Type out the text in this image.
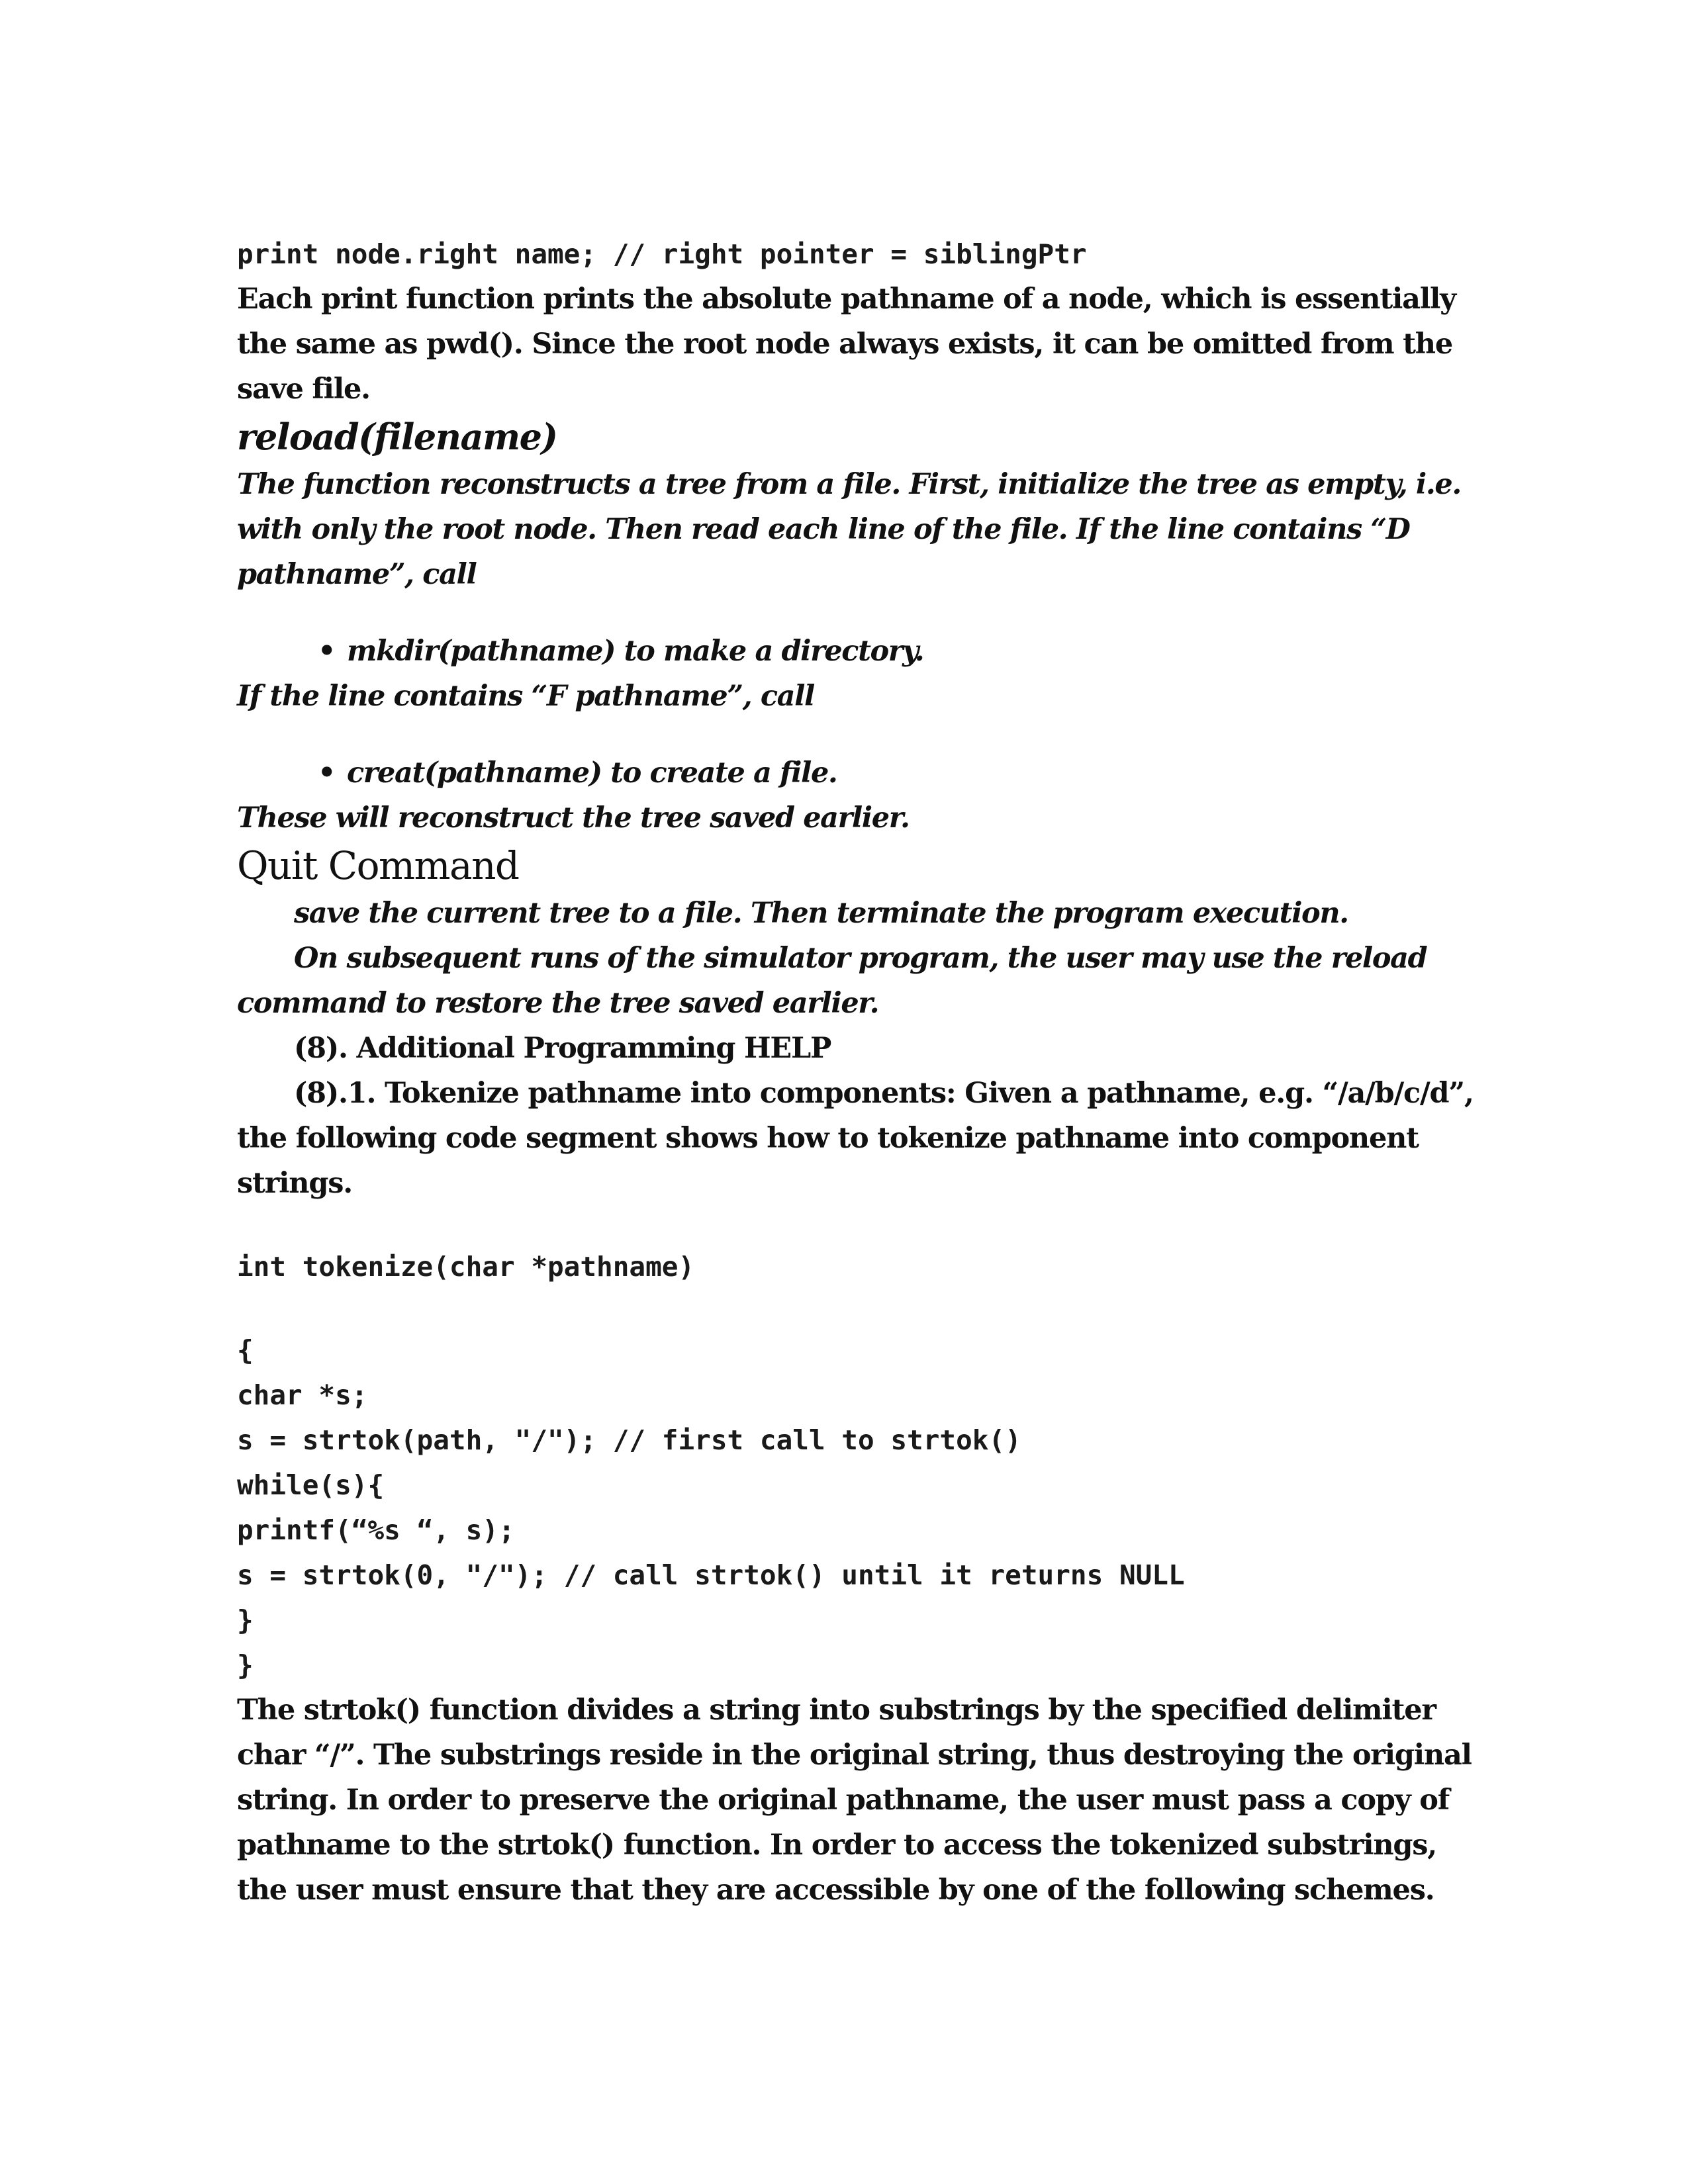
print node.right name; // right pointer = siblingPtr

Each print function prints the absolute pathname of a node, which is essentially the same as pwd(). Since the root node always exists, it can be omitted from the save file.

reload(filename)

The function reconstructs a tree from a file. First, initialize the tree as empty, i.e. with only the root node. Then read each line of the file. If the line contains “D pathname”, call

• mkdir(pathname) to make a directory.

If the line contains “F pathname”, call

• creat(pathname) to create a file.

These will reconstruct the tree saved earlier.

Quit Command

save the current tree to a file. Then terminate the program execution.

On subsequent runs of the simulator program, the user may use the reload command to restore the tree saved earlier.

(8). Additional Programming HELP

(8).1. Tokenize pathname into components: Given a pathname, e.g. “/a/b/c/d”, the following code segment shows how to tokenize pathname into component strings.

int tokenize(char *pathname)

{

char *s;

s = strtok(path, "/"); // first call to strtok()

while(s){

printf(“%s “, s);

s = strtok(0, "/"); // call strtok() until it returns NULL

}

}

The strtok() function divides a string into substrings by the specified delimiter char “/”. The substrings reside in the original string, thus destroying the original string. In order to preserve the original pathname, the user must pass a copy of pathname to the strtok() function. In order to access the tokenized substrings, the user must ensure that they are accessible by one of the following schemes.
